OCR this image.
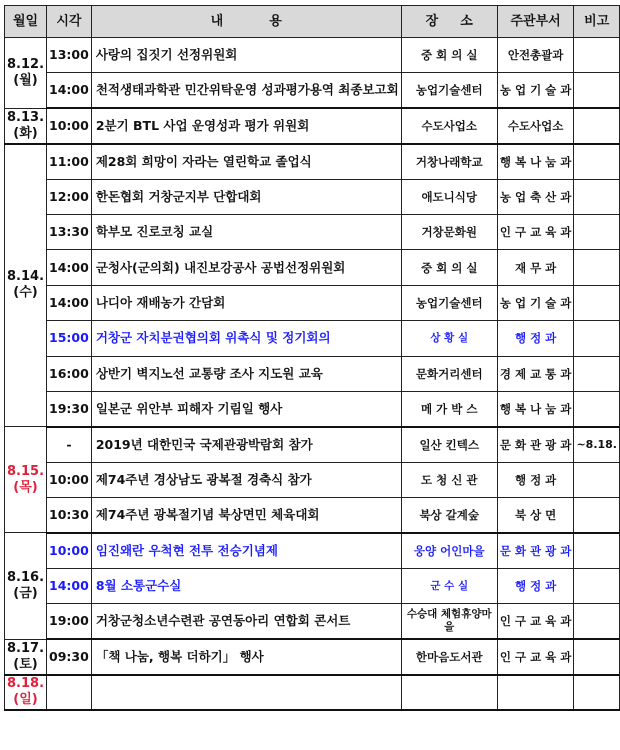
월일	시각	내용	장소	주관부서	비고

8.12.
(월)	13:00	사랑의 집짓기 선정위원회	중 회 의 실	안전총괄과	
	14:00	천적생태과학관 민간위탁운영 성과평가용역 최종보고회	농업기술센터	농 업 기 술 과	

8.13.
(화)	10:00	2분기 BTL 사업 운영성과 평가 위원회	수도사업소	수도사업소	

8.14.
(수)	11:00	제28회 희망이 자라는 열린학교 졸업식	거창나래학교	행 복 나 눔 과	
	12:00	한돈협회 거창군지부 단합대회	애도니식당	농 업 축 산 과	
	13:30	학부모 진로코칭 교실	거창문화원	인 구 교 육 과	
	14:00	군청사(군의회) 내진보강공사 공법선정위원회	중 회 의 실	재 무 과	
	14:00	나디아 재배농가 간담회	농업기술센터	농 업 기 술 과	
	15:00	거창군 자치분권협의회 위촉식 및 정기회의	상 황 실	행 정 과	
	16:00	상반기 벽지노선 교통량 조사 지도원 교육	문화거리센터	경 제 교 통 과	
	19:30	일본군 위안부 피해자 기림일 행사	메 가 박 스	행 복 나 눔 과	

8.15.
(목)	-	2019년 대한민국 국제관광박람회 참가	일산 킨텍스	문 화 관 광 과	~8.18.
	10:00	제74주년 경상남도 광복절 경축식 참가	도 청 신 관	행 정 과	
	10:30	제74주년 광복절기념 북상면민 체육대회	북상 갈계숲	북 상 면	

8.16.
(금)	10:00	임진왜란 우척현 전투 전승기념제	웅양 어인마을	문 화 관 광 과	
	14:00	8월 소통군수실	군 수 실	행 정 과	
	19:00	거창군청소년수련관 공연동아리 연합회 콘서트	수승대 체험휴양마을	인 구 교 육 과	

8.17.
(토)	09:30	「책 나눔, 행복 더하기」 행사	한마음도서관	인 구 교 육 과	

8.18.
(일)					
